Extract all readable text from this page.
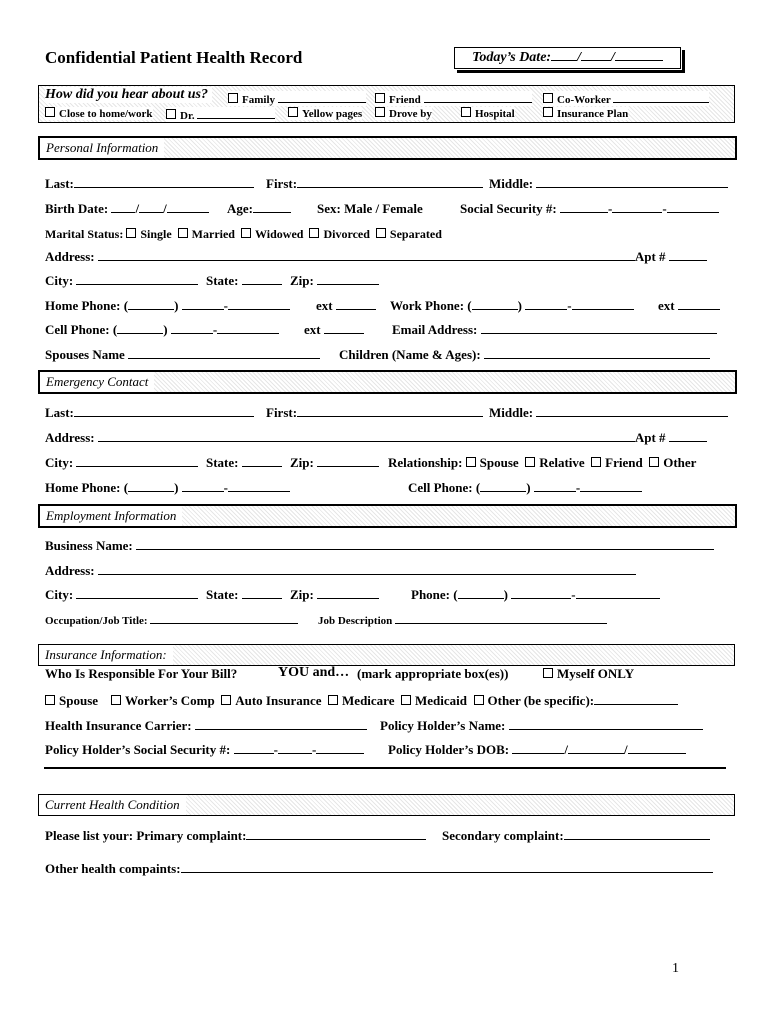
Confidential Patient Health Record	Today’s Date: / /
How did you hear about us?	Family	Friend	Co-Worker
Close to home/work	Dr.	Yellow pages	Drove by	Hospital	Insurance Plan
Personal Information
Last:	First:	Middle:
Birth Date: / /	Age:	Sex: Male / Female	Social Security #:	-	-
Marital Status: Single Married Widowed Divorced Separated
Address:	Apt #
City:	State:	Zip:
Home Phone: (	)	-	ext	Work Phone: (	)	-	ext
Cell Phone: (	)	-	ext	Email Address:
Spouses Name	Children (Name & Ages):
Emergency Contact
Last:	First:	Middle:
Address:	Apt #
City:	State:	Zip:	Relationship: Spouse Relative Friend Other
Home Phone: (	)	-	Cell Phone: (	)	-
Employment Information
Business Name:
Address:
City:	State:	Zip:	Phone: (	)	-
Occupation/Job Title:	Job Description
Insurance Information:
Who Is Responsible For Your Bill?	YOU and… (mark appropriate box(es))	Myself ONLY
Spouse Worker’s Comp Auto Insurance Medicare Medicaid Other (be specific):
Health Insurance Carrier:	Policy Holder’s Name:
Policy Holder’s Social Security #:	-	-	Policy Holder’s DOB:	/	/
Current Health Condition
Please list your: Primary complaint:	Secondary complaint:
Other health compaints:
1
